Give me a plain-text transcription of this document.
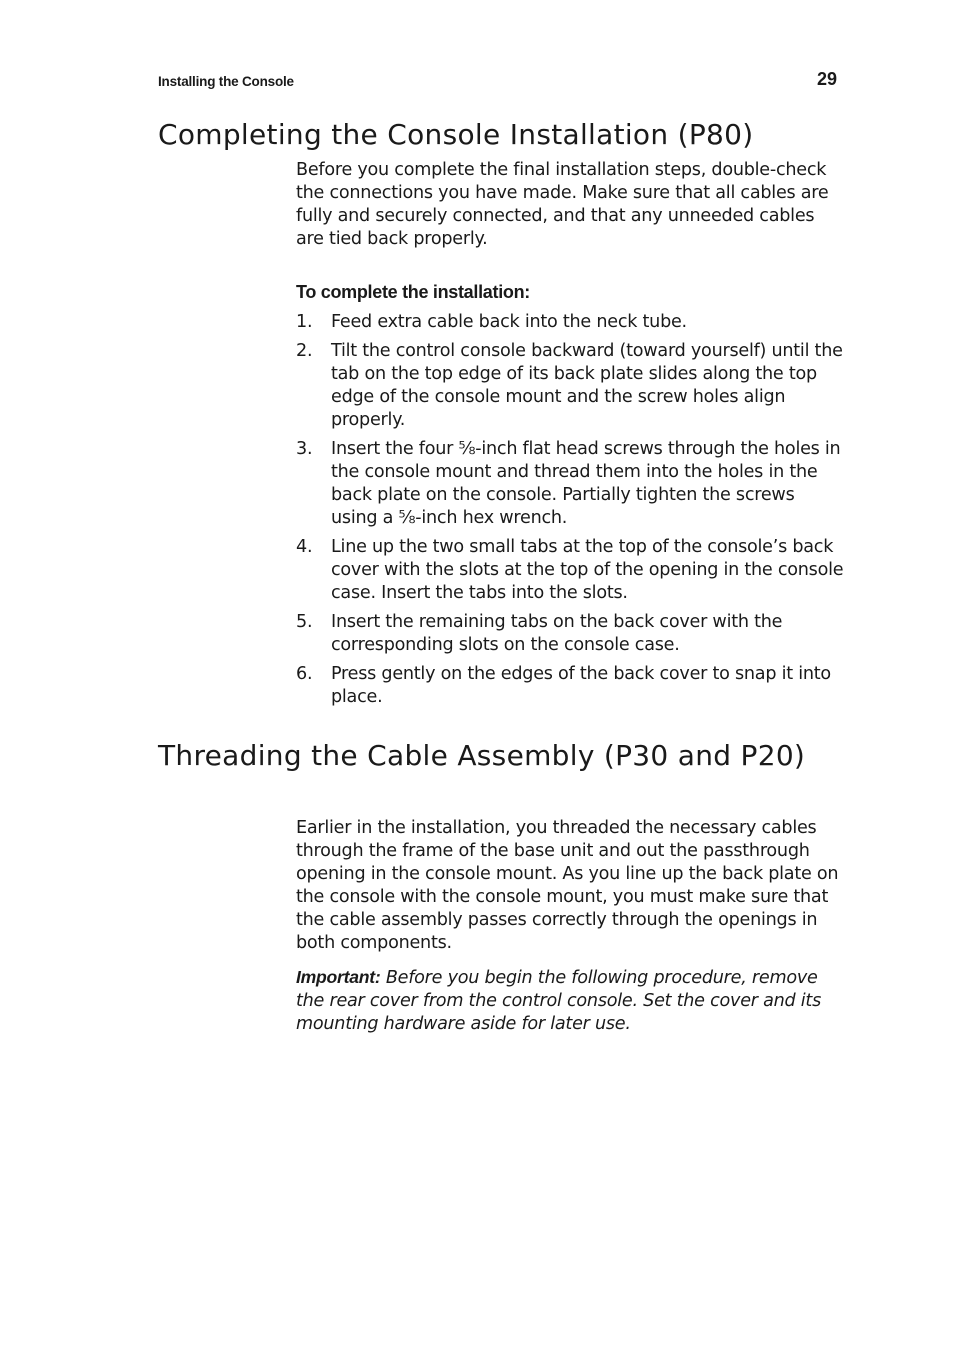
Installing the Console	29
Completing the Console Installation (P80)

Before you complete the final installation steps, double-check the connections you have made. Make sure that all cables are fully and securely connected, and that any unneeded cables are tied back properly.

To complete the installation:
1. Feed extra cable back into the neck tube.
2. Tilt the control console backward (toward yourself) until the tab on the top edge of its back plate slides along the top edge of the console mount and the screw holes align properly.
3. Insert the four ⅝-inch flat head screws through the holes in the console mount and thread them into the holes in the back plate on the console. Partially tighten the screws using a ⅝-inch hex wrench.
4. Line up the two small tabs at the top of the console’s back cover with the slots at the top of the opening in the console case. Insert the tabs into the slots.
5. Insert the remaining tabs on the back cover with the corresponding slots on the console case.
6. Press gently on the edges of the back cover to snap it into place.
Threading the Cable Assembly (P30 and P20)

Earlier in the installation, you threaded the necessary cables through the frame of the base unit and out the passthrough opening in the console mount. As you line up the back plate on the console with the console mount, you must make sure that the cable assembly passes correctly through the openings in both components.

Important: Before you begin the following procedure, remove the rear cover from the control console. Set the cover and its mounting hardware aside for later use.
